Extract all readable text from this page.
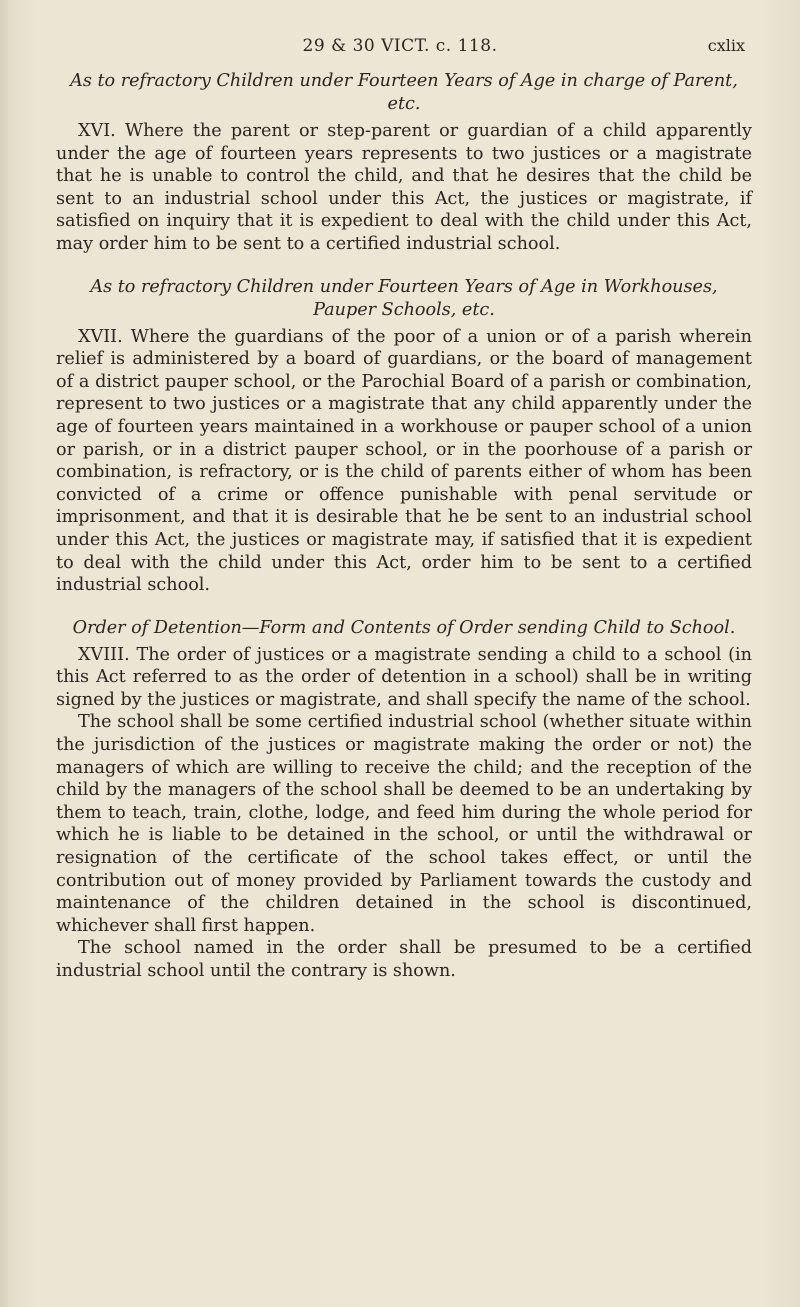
29 & 30 VICT. c. 118.	cxlix

As to refractory Children under Fourteen Years of Age in charge of Parent, etc.

XVI. Where the parent or step-parent or guardian of a child apparently under the age of fourteen years represents to two justices or a magistrate that he is unable to control the child, and that he desires that the child be sent to an industrial school under this Act, the justices or magistrate, if satisfied on inquiry that it is expedient to deal with the child under this Act, may order him to be sent to a certified industrial school.

As to refractory Children under Fourteen Years of Age in Workhouses, Pauper Schools, etc.

XVII. Where the guardians of the poor of a union or of a parish wherein relief is administered by a board of guardians, or the board of management of a district pauper school, or the Parochial Board of a parish or combination, represent to two justices or a magistrate that any child apparently under the age of fourteen years maintained in a workhouse or pauper school of a union or parish, or in a district pauper school, or in the poorhouse of a parish or combination, is refractory, or is the child of parents either of whom has been convicted of a crime or offence punishable with penal servitude or imprisonment, and that it is desirable that he be sent to an industrial school under this Act, the justices or magistrate may, if satisfied that it is expedient to deal with the child under this Act, order him to be sent to a certified industrial school.

Order of Detention—Form and Contents of Order sending Child to School.

XVIII. The order of justices or a magistrate sending a child to a school (in this Act referred to as the order of detention in a school) shall be in writing signed by the justices or magistrate, and shall specify the name of the school.

The school shall be some certified industrial school (whether situate within the jurisdiction of the justices or magistrate making the order or not) the managers of which are willing to receive the child; and the reception of the child by the managers of the school shall be deemed to be an undertaking by them to teach, train, clothe, lodge, and feed him during the whole period for which he is liable to be detained in the school, or until the withdrawal or resignation of the certificate of the school takes effect, or until the contribution out of money provided by Parliament towards the custody and maintenance of the children detained in the school is discontinued, whichever shall first happen.

The school named in the order shall be presumed to be a certified industrial school until the contrary is shown.
